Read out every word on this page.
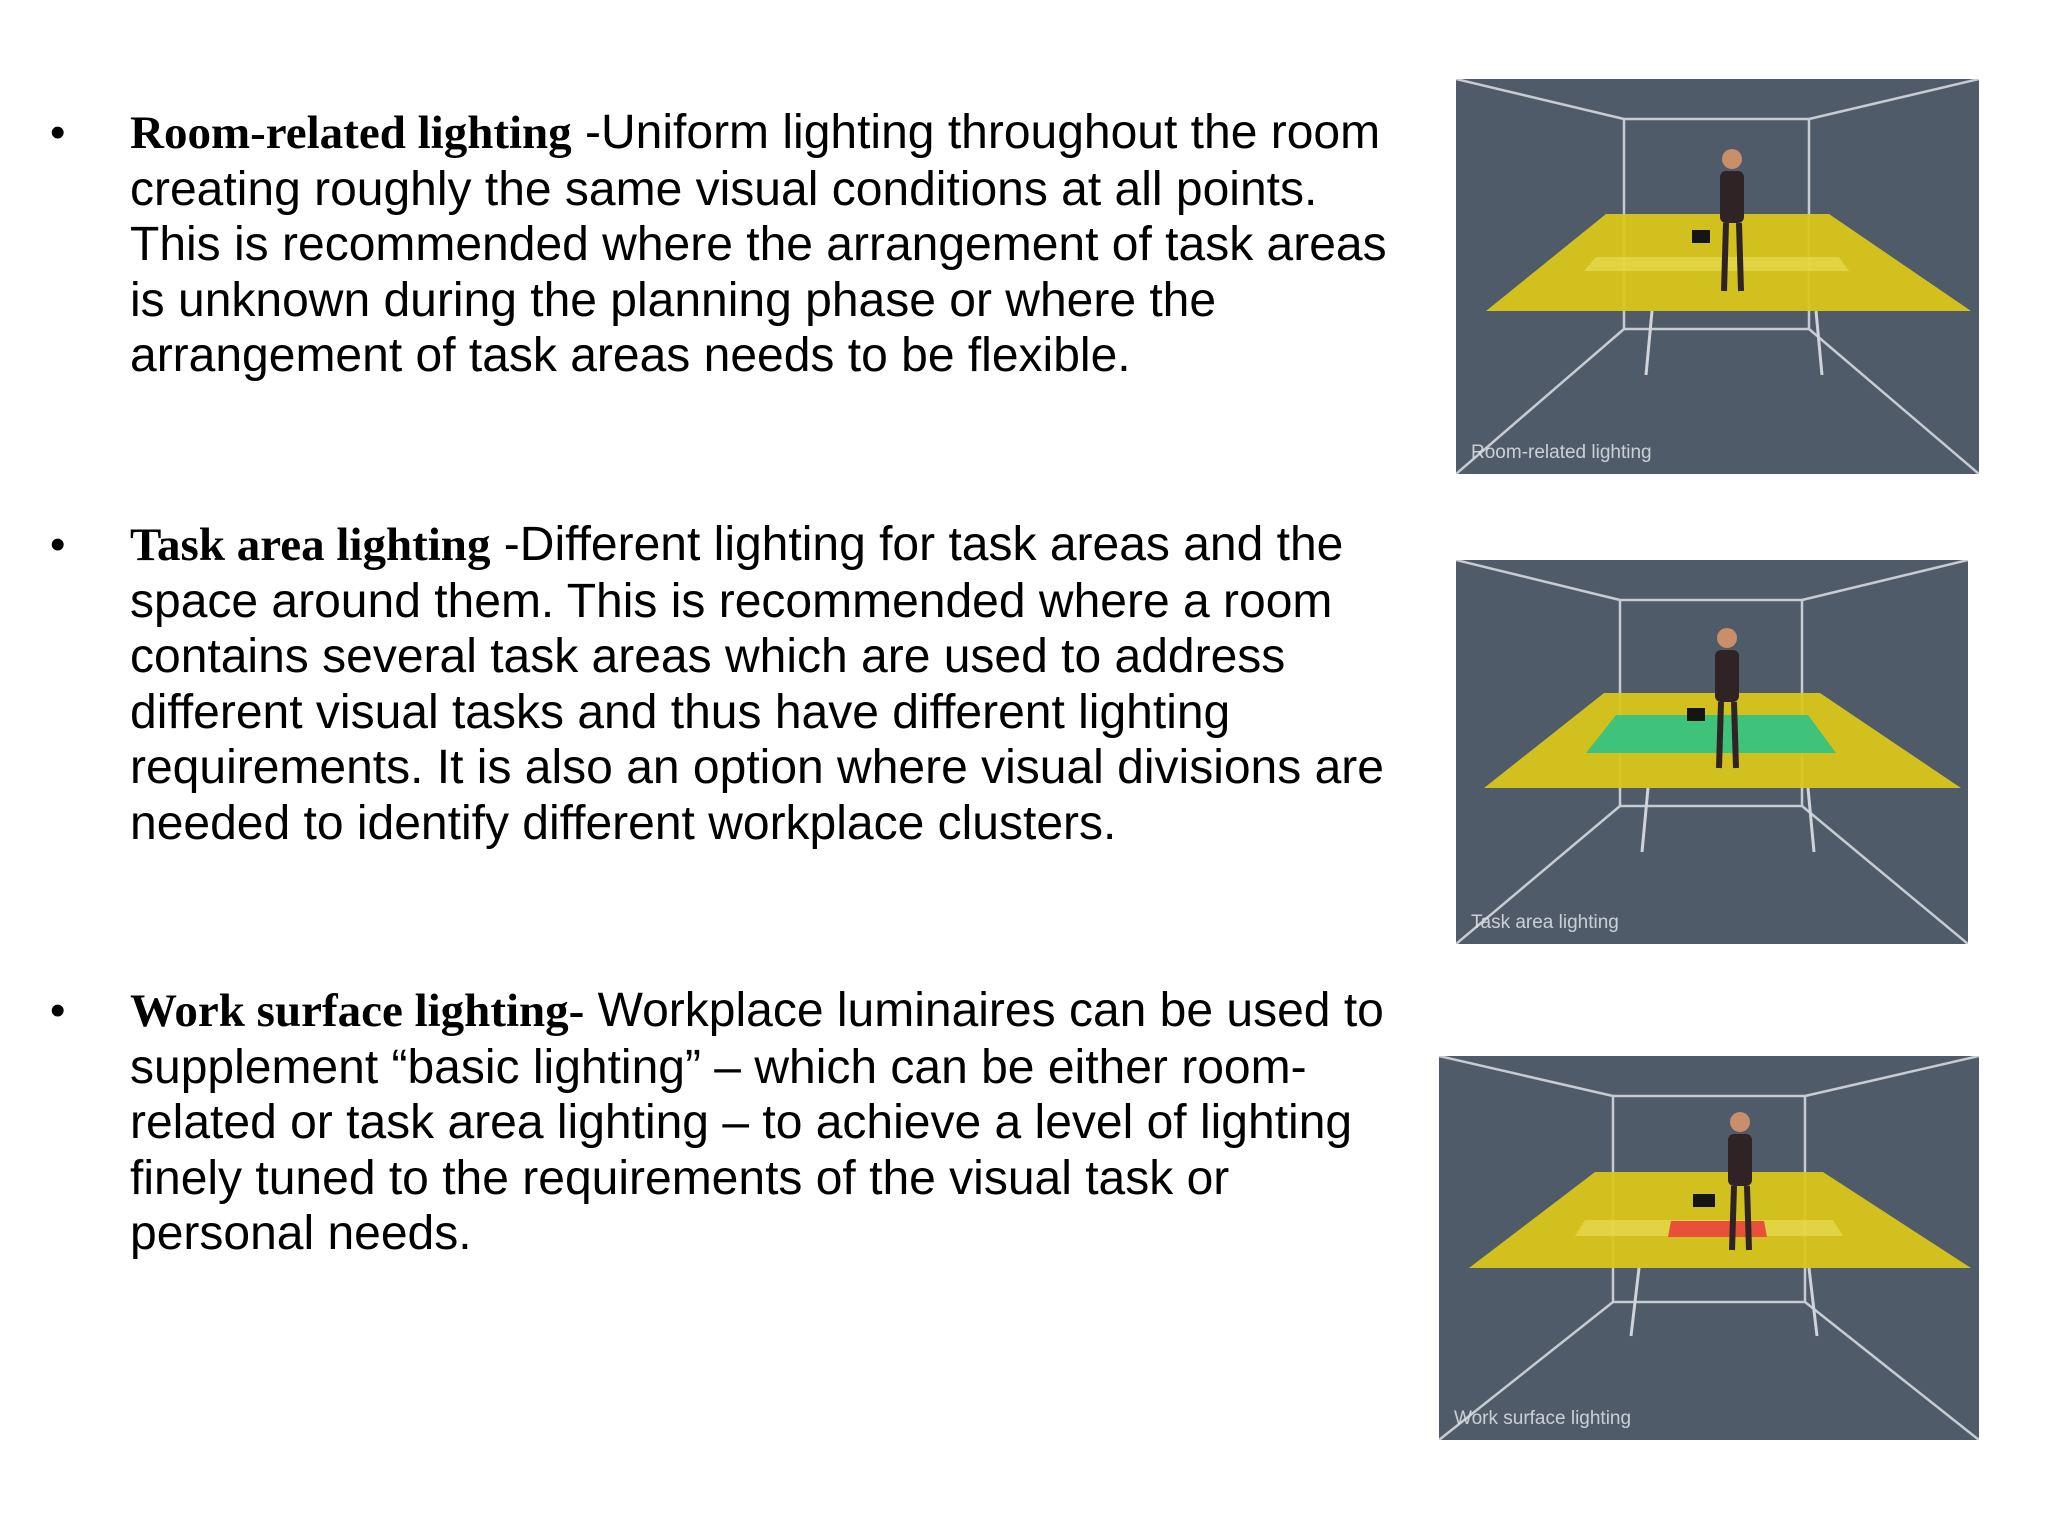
• Room-related lighting -Uniform lighting throughout the room creating roughly the same visual conditions at all points. This is recommended where the arrangement of task areas is unknown during the planning phase or where the arrangement of task areas needs to be flexible.
• Task area lighting -Different lighting for task areas and the space around them. This is recommended where a room contains several task areas which are used to address different visual tasks and thus have different lighting requirements. It is also an option where visual divisions are needed to identify different workplace clusters.
• Work surface lighting- Workplace luminaires can be used to supplement “basic lighting” – which can be either room-related or task area lighting – to achieve a level of lighting finely tuned to the requirements of the visual task or personal needs.
Room-related lighting
Task area lighting
Work surface lighting
